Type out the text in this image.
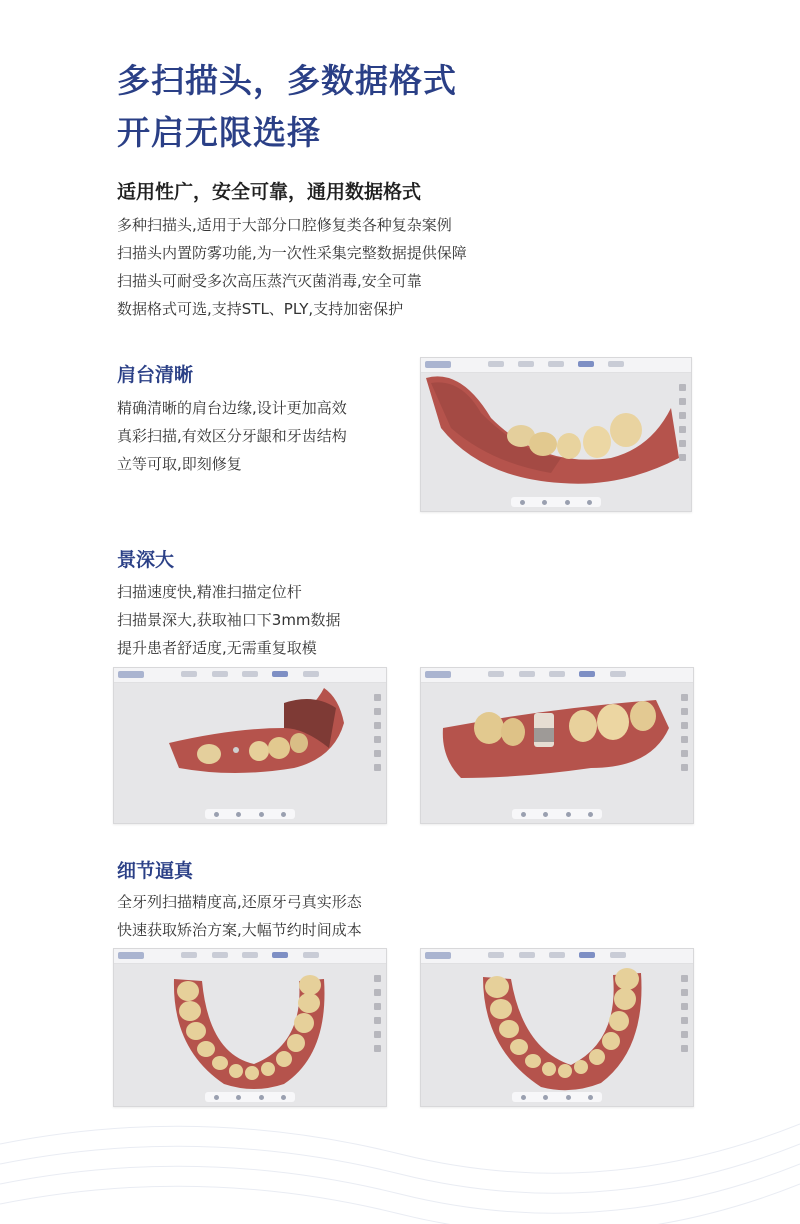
多扫描头，多数据格式
开启无限选择
适用性广，安全可靠，通用数据格式
多种扫描头,适用于大部分口腔修复类各种复杂案例
扫描头内置防雾功能,为一次性采集完整数据提供保障
扫描头可耐受多次高压蒸汽灭菌消毒,安全可靠
数据格式可选,支持STL、PLY,支持加密保护
肩台清晰
精确清晰的肩台边缘,设计更加高效
真彩扫描,有效区分牙龈和牙齿结构
立等可取,即刻修复
景深大
扫描速度快,精准扫描定位杆
扫描景深大,获取袖口下3mm数据
提升患者舒适度,无需重复取模
细节逼真
全牙列扫描精度高,还原牙弓真实形态
快速获取矫治方案,大幅节约时间成本
